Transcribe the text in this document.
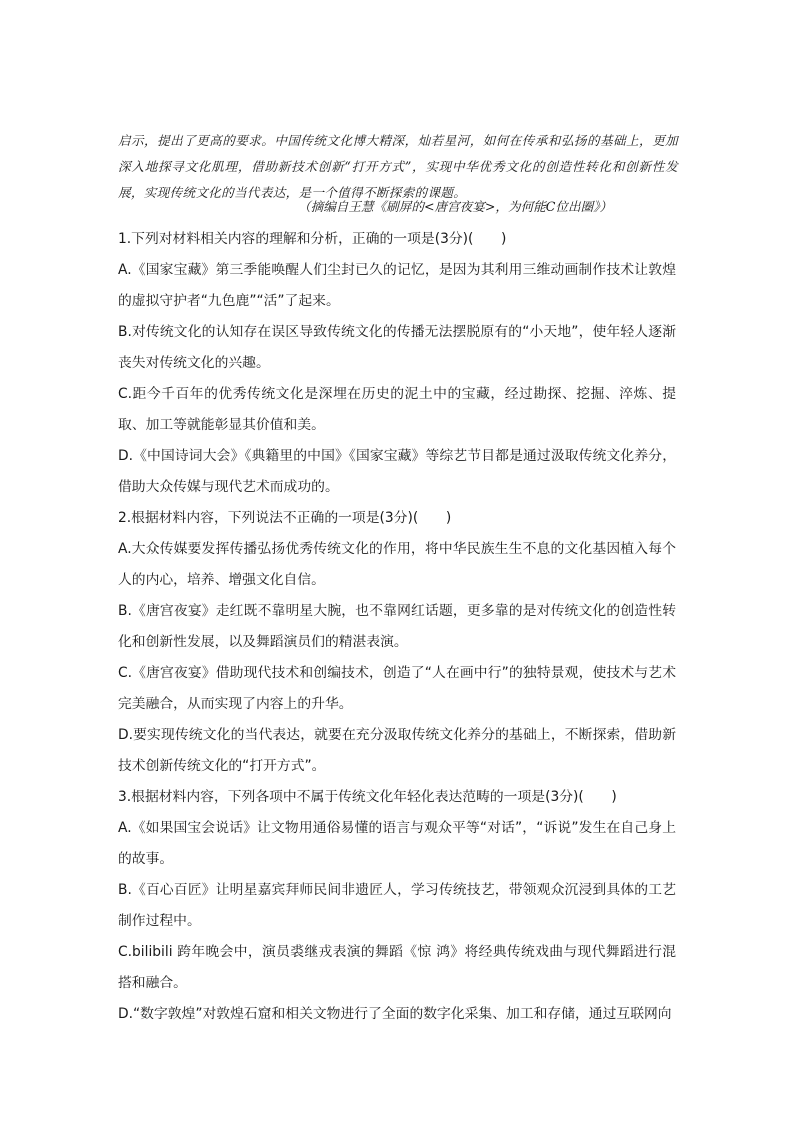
启示，提出了更高的要求。中国传统文化博大精深，灿若星河，如何在传承和弘扬的基础上，更加深入地探寻文化肌理，借助新技术创新“打开方式”，实现中华优秀文化的创造性转化和创新性发展，实现传统文化的当代表达，是一个值得不断探索的课题。

（摘编自王慧《刷屏的<唐宫夜宴>，为何能C位出圈》）

1.下列对材料相关内容的理解和分析，正确的一项是(3分)(　　)

A.《国家宝藏》第三季能唤醒人们尘封已久的记忆，是因为其利用三维动画制作技术让敦煌的虚拟守护者“九色鹿”“活”了起来。

B.对传统文化的认知存在误区导致传统文化的传播无法摆脱原有的“小天地”，使年轻人逐渐丧失对传统文化的兴趣。

C.距今千百年的优秀传统文化是深埋在历史的泥土中的宝藏，经过勘探、挖掘、淬炼、提取、加工等就能彰显其价值和美。

D.《中国诗词大会》《典籍里的中国》《国家宝藏》等综艺节目都是通过汲取传统文化养分，借助大众传媒与现代艺术而成功的。

2.根据材料内容，下列说法不正确的一项是(3分)(　　)

A.大众传媒要发挥传播弘扬优秀传统文化的作用，将中华民族生生不息的文化基因植入每个人的内心，培养、增强文化自信。

B.《唐宫夜宴》走红既不靠明星大腕，也不靠网红话题，更多靠的是对传统文化的创造性转化和创新性发展，以及舞蹈演员们的精湛表演。

C.《唐宫夜宴》借助现代技术和创编技术，创造了“人在画中行”的独特景观，使技术与艺术完美融合，从而实现了内容上的升华。

D.要实现传统文化的当代表达，就要在充分汲取传统文化养分的基础上，不断探索，借助新技术创新传统文化的“打开方式”。

3.根据材料内容，下列各项中不属于传统文化年轻化表达范畴的一项是(3分)(　　)

A.《如果国宝会说话》让文物用通俗易懂的语言与观众平等“对话”，“诉说”发生在自己身上的故事。

B.《百心百匠》让明星嘉宾拜师民间非遗匠人，学习传统技艺，带领观众沉浸到具体的工艺制作过程中。

C.bilibili 跨年晚会中，演员裘继戎表演的舞蹈《惊 鸿》将经典传统戏曲与现代舞蹈进行混搭和融合。

D.“数字敦煌”对敦煌石窟和相关文物进行了全面的数字化采集、加工和存储，通过互联网向
